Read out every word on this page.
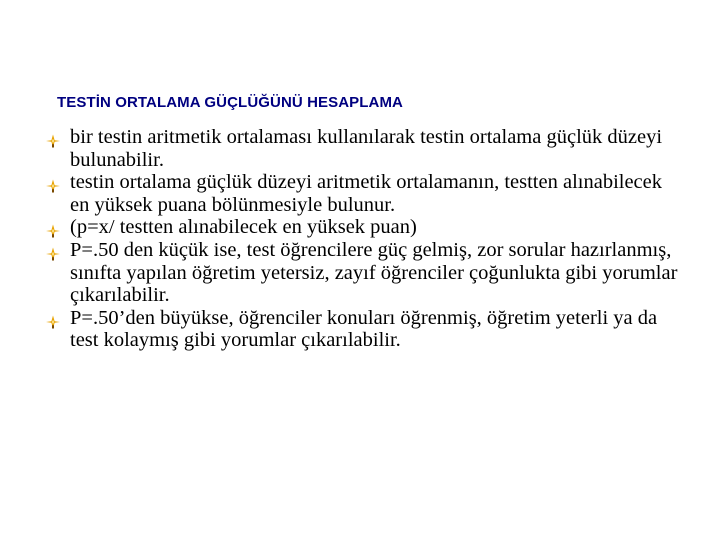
TESTİN ORTALAMA GÜÇLÜĞÜNÜ HESAPLAMA
bir testin aritmetik ortalaması kullanılarak testin ortalama güçlük düzeyi bulunabilir.
testin ortalama güçlük düzeyi aritmetik ortalamanın, testten alınabilecek en yüksek puana bölünmesiyle bulunur.
(p=x/ testten alınabilecek en yüksek puan)
P=.50 den küçük ise, test öğrencilere güç gelmiş, zor sorular hazırlanmış, sınıfta yapılan öğretim yetersiz, zayıf öğrenciler çoğunlukta gibi yorumlar çıkarılabilir.
P=.50’den büyükse, öğrenciler konuları öğrenmiş, öğretim yeterli ya da test kolaymış gibi yorumlar çıkarılabilir.
